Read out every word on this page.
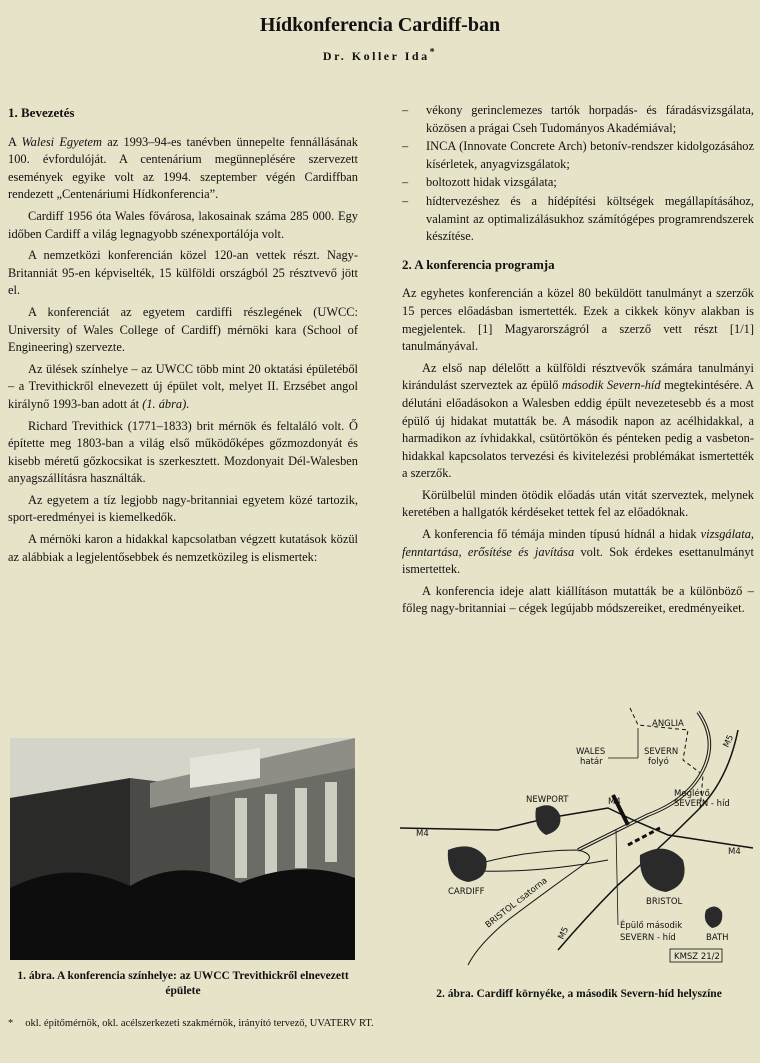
Hídkonferencia Cardiff-ban
Dr. Koller Ida*
1. Bevezetés

A Walesi Egyetem az 1993–94-es tanévben ünnepelte fennállásának 100. évfordulóját. A centenárium megünneplésére szervezett események egyike volt az 1994. szeptember végén Cardiffban rendezett „Centenáriumi Hídkonferencia”.

Cardiff 1956 óta Wales fővárosa, lakosainak száma 285 000. Egy időben Cardiff a világ legnagyobb szénexportálója volt.

A nemzetközi konferencián közel 120-an vettek részt. Nagy-Britanniát 95-en képviselték, 15 külföldi országból 25 résztvevő jött el.

A konferenciát az egyetem cardiffi részlegének (UWCC: University of Wales College of Cardiff) mérnöki kara (School of Engineering) szervezte.

Az ülések színhelye – az UWCC több mint 20 oktatási épületéből – a Trevithickről elnevezett új épület volt, melyet II. Erzsébet angol királynő 1993-ban adott át (1. ábra).

Richard Trevithick (1771–1833) brit mérnök és feltaláló volt. Ő építette meg 1803-ban a világ első működőképes gőzmozdonyát és kisebb méretű gőzkocsikat is szerkesztett. Mozdonyait Dél-Walesben anyagszállításra használták.

Az egyetem a tíz legjobb nagy-britanniai egyetem közé tartozik, sport-eredményei is kiemelkedők.

A mérnöki karon a hidakkal kapcsolatban végzett kutatások közül az alábbiak a legjelentősebbek és nemzetközileg is elismertek:

1. ábra. A konferencia színhelye: az UWCC Trevithickről elnevezett épülete
– vékony gerinclemezes tartók horpadás- és fáradásvizsgálata, közösen a prágai Cseh Tudományos Akadémiával;
– INCA (Innovate Concrete Arch) betonív-rendszer kidolgozásához kísérletek, anyagvizsgálatok;
– boltozott hidak vizsgálata;
– hídtervezéshez és a hídépítési költségek megállapításához, valamint az optimalizálásukhoz számítógépes programrendszerek készítése.
2. A konferencia programja

Az egyhetes konferencián a közel 80 beküldött tanulmányt a szerzők 15 perces előadásban ismertették. Ezek a cikkek könyv alakban is megjelentek. [1] Magyarországról a szerző vett részt [1/1] tanulmányával.

Az első nap délelőtt a külföldi résztvevők számára tanulmányi kirándulást szerveztek az épülő második Severn-híd megtekintésére. A délutáni előadásokon a Walesben eddig épült nevezetesebb és a most épülő új hidakat mutatták be. A második napon az acélhidakkal, a harmadikon az ívhidakkal, csütörtökön és pénteken pedig a vasbeton-hidakkal kapcsolatos tervezési és kivitelezési problémákat ismertették a szerzők.

Körülbelül minden ötödik előadás után vitát szerveztek, melynek keretében a hallgatók kérdéseket tettek fel az előadóknak.

A konferencia fő témája minden típusú hídnál a hidak vizsgálata, fenntartása, erősítése és javítása volt. Sok érdekes esettanulmányt ismertettek.

A konferencia ideje alatt kiállításon mutatták be a különböző – főleg nagy-britanniai – cégek legújabb módszereiket, eredményeiket.

ANGLIA
WALES
határ
SEVERN
folyó
Meglévő
SEVERN - híd
NEWPORT
M4
M4
M4
M5
M5
CARDIFF
BRISTOL
BRISTOL csatorna	Épülő második
SEVERN - híd	BATH
KMSZ 21/2
2. ábra. Cardiff környéke, a második Severn-híd helyszíne
* okl. építőmérnök, okl. acélszerkezeti szakmérnök, irányító tervező, UVATERV RT.
